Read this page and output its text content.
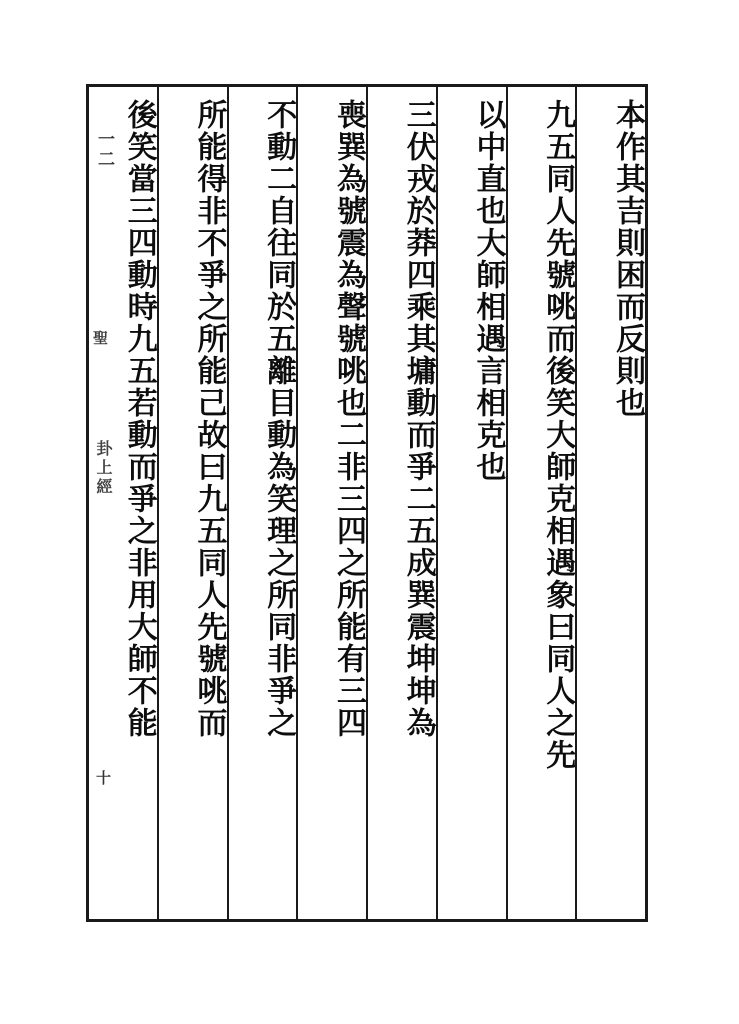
本作其吉則困而反則也
九五同人先號咷而後笑大師克相遇象曰同人之先
以中直也大師相遇言相克也
三伏戎於莽四乘其墉動而爭二五成巽震坤坤為
喪巽為號震為聲號咷也二非三四之所能有三四
不動二自往同於五離目動為笑理之所同非爭之
所能得非不爭之所能己故曰九五同人先號咷而
後笑當三四動時九五若動而爭之非用大師不能
一二
聖
卦上經
十
